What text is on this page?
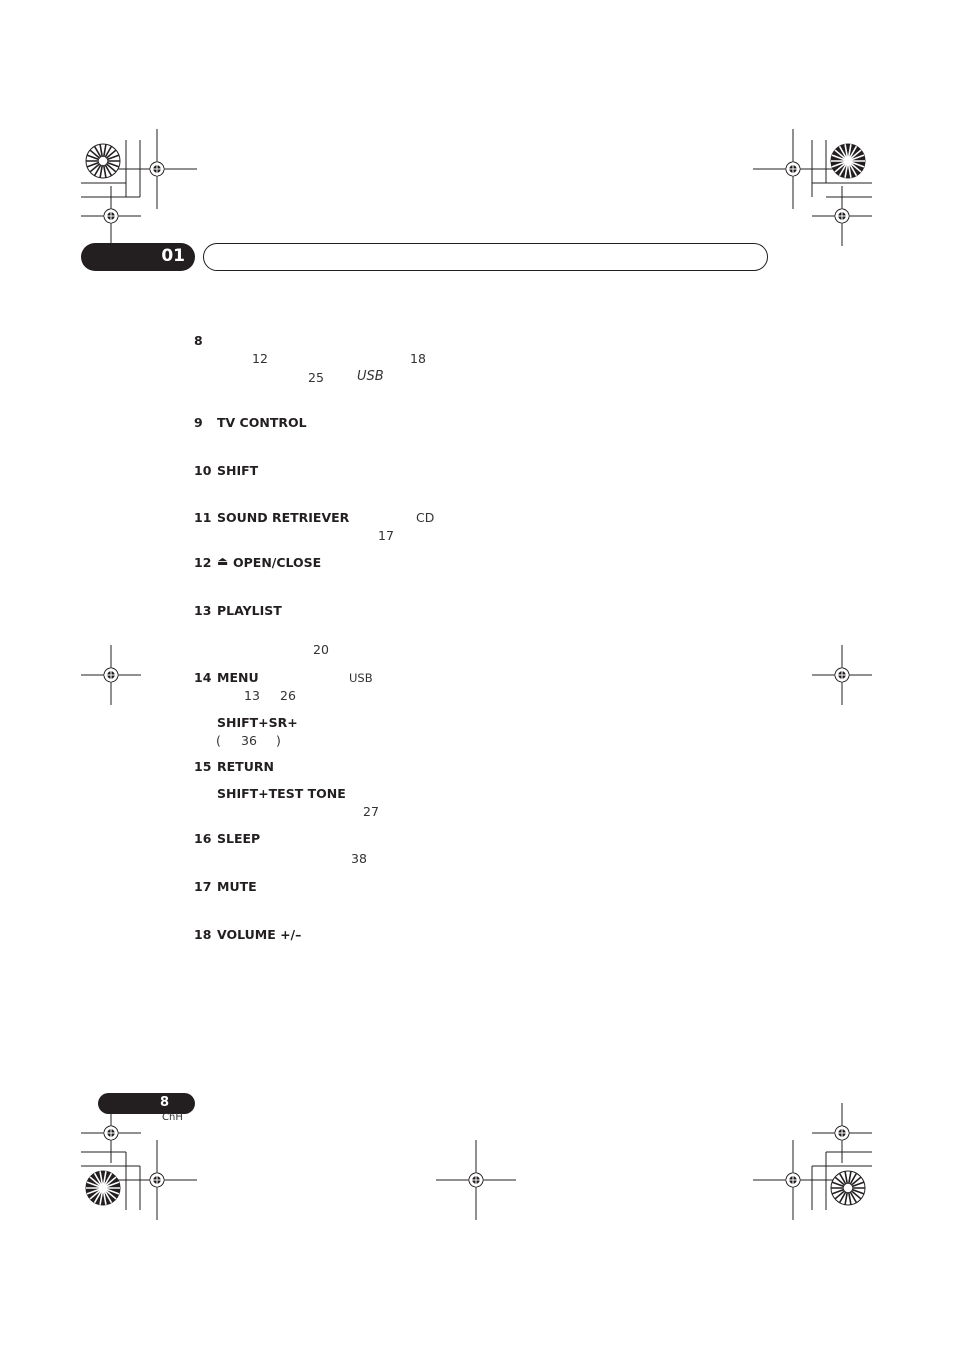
01
8
12	18
25	USB
9 TV CONTROL
10 SHIFT
11 SOUND RETRIEVER	CD
17
12 ⏏ OPEN/CLOSE
13 PLAYLIST
20
14 MENU	USB
13 26
SHIFT+SR+
( 36 )
15 RETURN
SHIFT+TEST TONE
27
16 SLEEP
38
17 MUTE
18 VOLUME +/–
8
ChH
